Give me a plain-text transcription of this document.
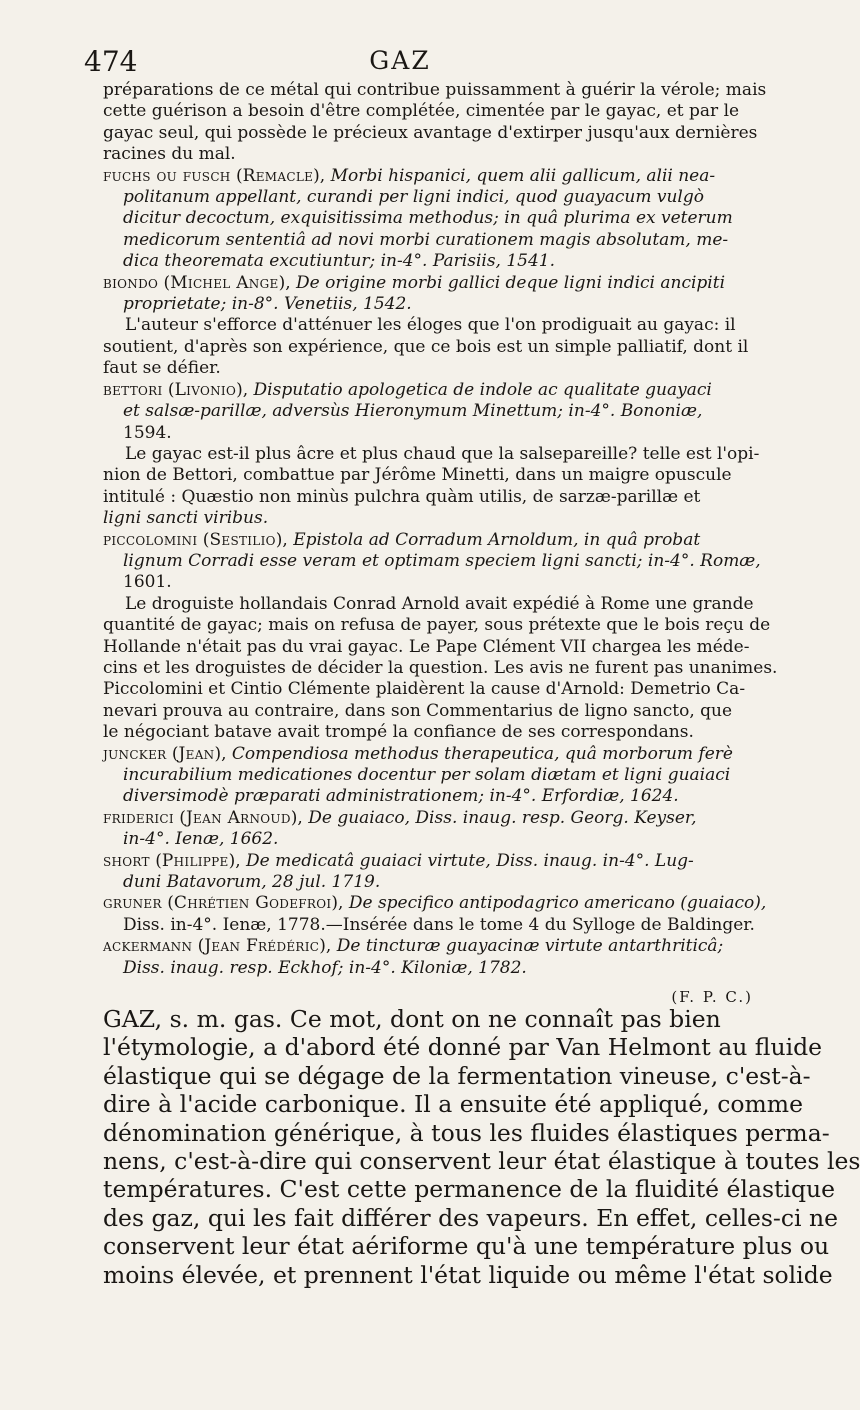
474	GAZ
préparations de ce métal qui contribue puissamment à guérir la vérole; mais
cette guérison a besoin d'être complétée, cimentée par le gayac, et par le
gayac seul, qui possède le précieux avantage d'extirper jusqu'aux dernières
racines du mal.
fuchs ou fusch (Remacle), Morbi hispanici, quem alii gallicum, alii nea-
politanum appellant, curandi per ligni indici, quod guayacum vulgò
dicitur decoctum, exquisitissima methodus; in quâ plurima ex veterum
medicorum sententiâ ad novi morbi curationem magis absolutam, me-
dica theoremata excutiuntur; in-4°. Parisiis, 1541.
biondo (Michel Ange), De origine morbi gallici deque ligni indici ancipiti
proprietate; in-8°. Venetiis, 1542.
L'auteur s'efforce d'atténuer les éloges que l'on prodiguait au gayac: il
soutient, d'après son expérience, que ce bois est un simple palliatif, dont il
faut se défier.
bettori (Livonio), Disputatio apologetica de indole ac qualitate guayaci
et salsæ-parillæ, adversùs Hieronymum Minettum; in-4°. Bononiæ,
1594.
Le gayac est-il plus âcre et plus chaud que la salsepareille? telle est l'opi-
nion de Bettori, combattue par Jérôme Minetti, dans un maigre opuscule
intitulé : Quæstio non minùs pulchra quàm utilis, de sarzæ-parillæ et
ligni sancti viribus.
piccolomini (Sestilio), Epistola ad Corradum Arnoldum, in quâ probat
lignum Corradi esse veram et optimam speciem ligni sancti; in-4°. Romæ,
1601.
Le droguiste hollandais Conrad Arnold avait expédié à Rome une grande
quantité de gayac; mais on refusa de payer, sous prétexte que le bois reçu de
Hollande n'était pas du vrai gayac. Le Pape Clément VII chargea les méde-
cins et les droguistes de décider la question. Les avis ne furent pas unanimes.
Piccolomini et Cintio Clémente plaidèrent la cause d'Arnold: Demetrio Ca-
nevari prouva au contraire, dans son Commentarius de ligno sancto, que
le négociant batave avait trompé la confiance de ses correspondans.
juncker (Jean), Compendiosa methodus therapeutica, quâ morborum ferè
incurabilium medicationes docentur per solam diætam et ligni guaiaci
diversimodè præparati administrationem; in-4°. Erfordiæ, 1624.
friderici (Jean Arnoud), De guaiaco, Diss. inaug. resp. Georg. Keyser,
in-4°. Ienæ, 1662.
short (Philippe), De medicatâ guaiaci virtute, Diss. inaug. in-4°. Lug-
duni Batavorum, 28 jul. 1719.
gruner (Chrétien Godefroi), De specifico antipodagrico americano (guaiaco),
Diss. in-4°. Ienæ, 1778.—Insérée dans le tome 4 du Sylloge de Baldinger.
ackermann (Jean Frédéric), De tincturæ guayacinæ virtute antarthriticâ;
Diss. inaug. resp. Eckhof; in-4°. Kiloniæ, 1782.
(F. P. C.)
GAZ, s. m. gas. Ce mot, dont on ne connaît pas bien
l'étymologie, a d'abord été donné par Van Helmont au fluide
élastique qui se dégage de la fermentation vineuse, c'est-à-
dire à l'acide carbonique. Il a ensuite été appliqué, comme
dénomination générique, à tous les fluides élastiques perma-
nens, c'est-à-dire qui conservent leur état élastique à toutes les
températures. C'est cette permanence de la fluidité élastique
des gaz, qui les fait différer des vapeurs. En effet, celles-ci ne
conservent leur état aériforme qu'à une température plus ou
moins élevée, et prennent l'état liquide ou même l'état solide
